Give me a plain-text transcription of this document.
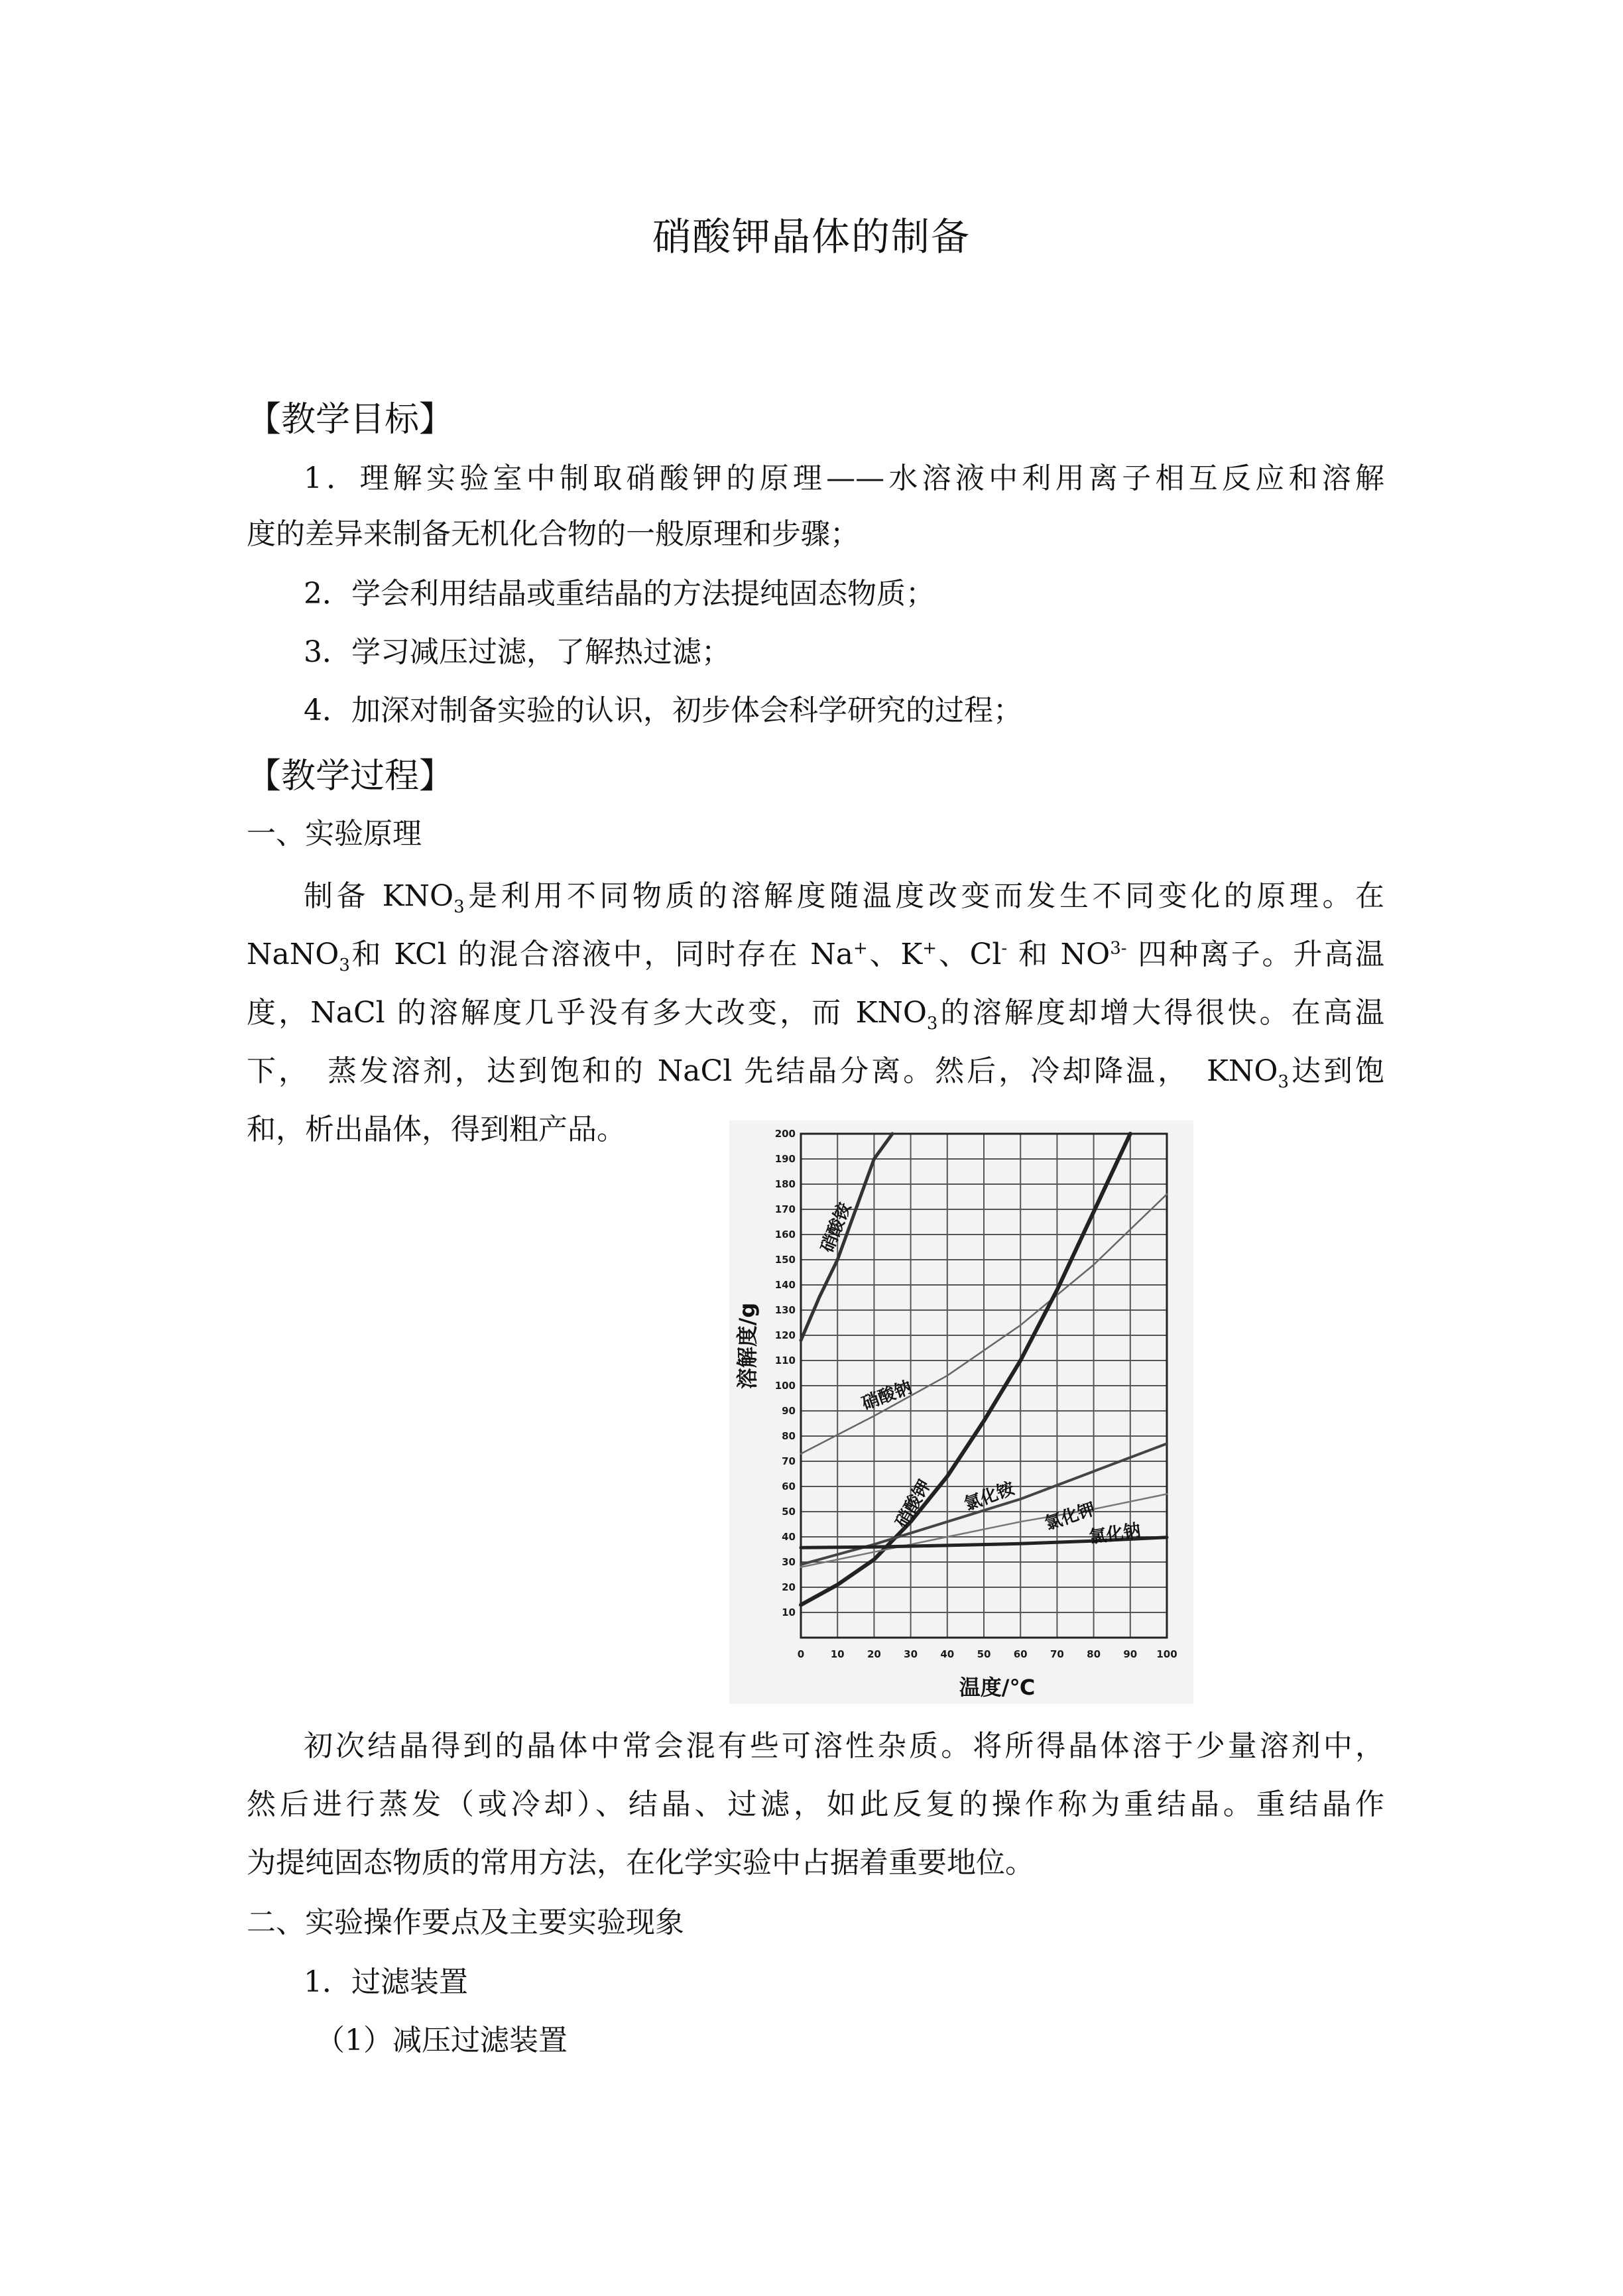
硝酸钾晶体的制备
【教学目标】
1．理解实验室中制取硝酸钾的原理——水溶液中利用离子相互反应和溶解
度的差异来制备无机化合物的一般原理和步骤；
2．学会利用结晶或重结晶的方法提纯固态物质；
3．学习减压过滤，了解热过滤；
4．加深对制备实验的认识，初步体会科学研究的过程；
【教学过程】
一、实验原理
制备 $KNO_3$是利用不同物质的溶解度随温度改变而发生不同变化的原理。在
NaNO$_3$和 KCl 的混合溶液中，同时存在 Na+、K+、Cl- 和 $NO^{3-}$ 四种离子。升高温
度，NaCl 的溶解度几乎没有多大改变，而 $KNO_3$的溶解度却增大得很快。在高温
下，　蒸发溶剂，达到饱和的 NaCl 先结晶分离。然后，冷却降温，　$KNO_3$达到饱
和，析出晶体，得到粗产品。
0	10 20 30 40 50 60 70 80 90 100
10
20
30
40
50
60
70
80
90
100
110
120
130
140
150
160
170
180
190
200
温度/℃
溶解度/g
硝酸铵
硝酸钠
硝酸钾 氯化铵
氯化钾
氯化钠
初次结晶得到的晶体中常会混有些可溶性杂质。将所得晶体溶于少量溶剂中，
然后进行蒸发（或冷却）、结晶、过滤，如此反复的操作称为重结晶。重结晶作
为提纯固态物质的常用方法，在化学实验中占据着重要地位。
二、实验操作要点及主要实验现象
1．过滤装置
（1）减压过滤装置
